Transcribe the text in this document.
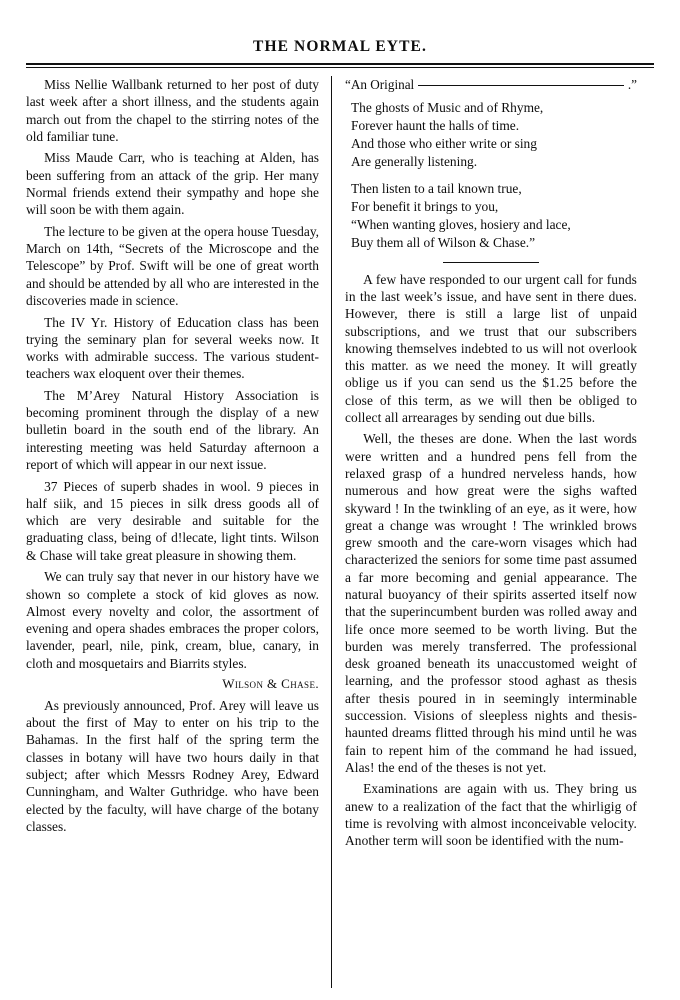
THE NORMAL EYTE.

Miss Nellie Wallbank returned to her post of duty last week after a short illness, and the students again march out from the chapel to the stirring notes of the old familiar tune.

Miss Maude Carr, who is teaching at Alden, has been suffering from an attack of the grip. Her many Normal friends extend their sympathy and hope she will soon be with them again.

The lecture to be given at the opera house Tuesday, March on 14th, “Secrets of the Microscope and the Telescope” by Prof. Swift will be one of great worth and should be attended by all who are interested in the discoveries made in science.

The IV Yr. History of Education class has been trying the seminary plan for several weeks now. It works with admirable success. The various student-teachers wax eloquent over their themes.

The M’Arey Natural History Association is becoming prominent through the display of a new bulletin board in the south end of the library. An interesting meeting was held Saturday afternoon a report of which will appear in our next issue.

37 Pieces of superb shades in wool. 9 pieces in half siik, and 15 pieces in silk dress goods all of which are very desirable and suitable for the graduating class, being of d!lecate, light tints. Wilson & Chase will take great pleasure in showing them.

We can truly say that never in our history have we shown so complete a stock of kid gloves as now. Almost every novelty and color, the assortment of evening and opera shades embraces the proper colors, lavender, pearl, nile, pink, cream, blue, canary, in cloth and mosquetairs and Biarrits styles.

Wilson & Chase.

As previously announced, Prof. Arey will leave us about the first of May to enter on his trip to the Bahamas. In the first half of the spring term the classes in botany will have two hours daily in that subject; after which Messrs Rodney Arey, Edward Cunningham, and Walter Guthridge. who have been elected by the faculty, will have charge of the botany classes.

“An Original	.”
The ghosts of Music and of Rhyme,
Forever haunt the halls of time.
And those who either write or sing
Are generally listening.
Then listen to a tail known true,
For benefit it brings to you,
“When wanting gloves, hosiery and lace,
Buy them all of Wilson & Chase.”

A few have responded to our urgent call for funds in the last week’s issue, and have sent in there dues. However, there is still a large list of unpaid subscriptions, and we trust that our subscribers knowing themselves indebted to us will not overlook this matter. as we need the money. It will greatly oblige us if you can send us the $1.25 before the close of this term, as we will then be obliged to collect all arrearages by sending out due bills.

Well, the theses are done. When the last words were written and a hundred pens fell from the relaxed grasp of a hundred nerveless hands, how numerous and how great were the sighs wafted skyward ! In the twinkling of an eye, as it were, how great a change was wrought ! The wrinkled brows grew smooth and the care-worn visages which had characterized the seniors for some time past assumed a far more becoming and genial appearance. The natural buoyancy of their spirits asserted itself now that the superincumbent burden was rolled away and life once more seemed to be worth living. But the burden was merely transferred. The professional desk groaned beneath its unaccustomed weight of learning, and the professor stood aghast as thesis after thesis poured in in seemingly interminable succession. Visions of sleepless nights and thesis-haunted dreams flitted through his mind until he was fain to repent him of the command he had issued, Alas! the end of the theses is not yet.

Examinations are again with us. They bring us anew to a realization of the fact that the whirligig of time is revolving with almost inconceivable velocity. Another term will soon be identified with the num-
